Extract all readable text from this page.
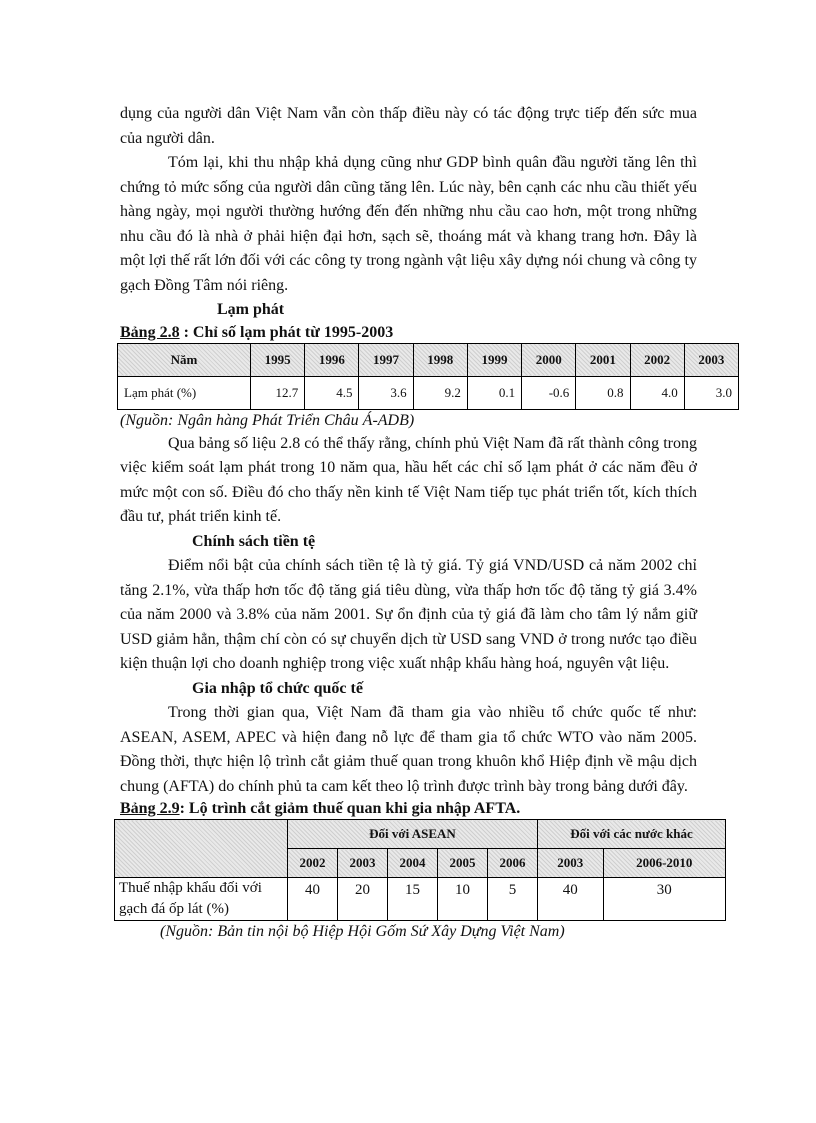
dụng của người dân Việt Nam vẫn còn thấp điều này có tác động trực tiếp đến sức mua của người dân.

Tóm lại, khi thu nhập khả dụng cũng như GDP bình quân đầu người tăng lên thì chứng tỏ mức sống của người dân cũng tăng lên. Lúc này, bên cạnh các nhu cầu thiết yếu hàng ngày, mọi người thường hướng đến đến những nhu cầu cao hơn, một trong những nhu cầu đó là nhà ở phải hiện đại hơn, sạch sẽ, thoáng mát và khang trang hơn. Đây là một lợi thế rất lớn đối với các công ty trong ngành vật liệu xây dựng nói chung và công ty gạch Đồng Tâm nói riêng.

Lạm phát
Bảng 2.8 : Chỉ số lạm phát từ 1995-2003
Năm	1995	1996	1997	1998	1999	2000	2001	2002	2003
Lạm phát (%)	12.7	4.5	3.6	9.2	0.1	-0.6	0.8	4.0	3.0
(Nguồn: Ngân hàng Phát Triển Châu Á-ADB)

Qua bảng số liệu 2.8 có thể thấy rằng, chính phủ Việt Nam đã rất thành công trong việc kiểm soát lạm phát trong 10 năm qua, hầu hết các chỉ số lạm phát ở các năm đều ở mức một con số. Điều đó cho thấy nền kinh tế Việt Nam tiếp tục phát triển tốt, kích thích đầu tư, phát triển kinh tế.

Chính sách tiền tệ

Điểm nổi bật của chính sách tiền tệ là tỷ giá. Tỷ giá VND/USD cả năm 2002 chỉ tăng 2.1%, vừa thấp hơn tốc độ tăng giá tiêu dùng, vừa thấp hơn tốc độ tăng tỷ giá 3.4% của năm 2000 và 3.8% của năm 2001. Sự ổn định của tỷ giá đã làm cho tâm lý nắm giữ USD giảm hẳn, thậm chí còn có sự chuyển dịch từ USD sang VND ở trong nước tạo điều kiện thuận lợi cho doanh nghiệp trong việc xuất nhập khẩu hàng hoá, nguyên vật liệu.

Gia nhập tổ chức quốc tế

Trong thời gian qua, Việt Nam đã tham gia vào nhiều tổ chức quốc tế như: ASEAN, ASEM, APEC và hiện đang nỗ lực để tham gia tổ chức WTO vào năm 2005. Đồng thời, thực hiện lộ trình cắt giảm thuế quan trong khuôn khổ Hiệp định về mậu dịch chung (AFTA) do chính phủ ta cam kết theo lộ trình được trình bày trong bảng dưới đây.

Bảng 2.9: Lộ trình cắt giảm thuế quan khi gia nhập AFTA.
	Đối với ASEAN					Đối với các nước khác	
	2002	2003	2004	2005	2006	2003	2006-2010
Thuế nhập khẩu đối với gạch đá ốp lát (%)	40	20	15	10	5	40	30
(Nguồn: Bản tin nội bộ Hiệp Hội Gốm Sứ Xây Dựng Việt Nam)
